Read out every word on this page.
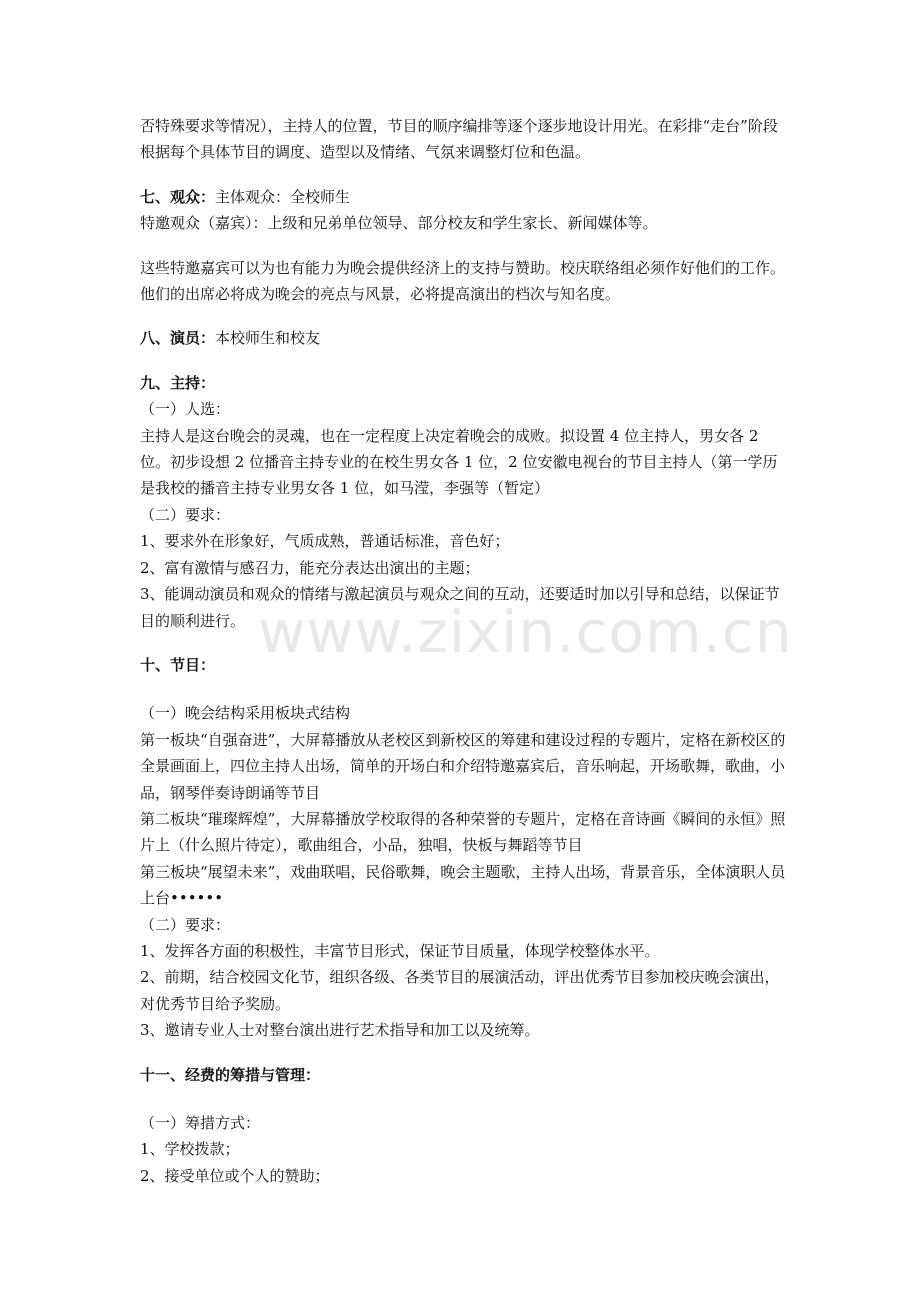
否特殊要求等情况），主持人的位置，节目的顺序编排等逐个逐步地设计用光。在彩排“走台”阶段根据每个具体节目的调度、造型以及情绪、气氛来调整灯位和色温。

七、观众：主体观众：全校师生

特邀观众（嘉宾）：上级和兄弟单位领导、部分校友和学生家长、新闻媒体等。

这些特邀嘉宾可以为也有能力为晚会提供经济上的支持与赞助。校庆联络组必须作好他们的工作。他们的出席必将成为晚会的亮点与风景，必将提高演出的档次与知名度。

八、演员：本校师生和校友

九、主持：

（一）人选：

主持人是这台晚会的灵魂，也在一定程度上决定着晚会的成败。拟设置 4 位主持人，男女各 2 位。初步设想 2 位播音主持专业的在校生男女各 1 位，2 位安徽电视台的节目主持人（第一学历是我校的播音主持专业男女各 1 位，如马滢，李强等（暂定）

（二）要求：

1、要求外在形象好，气质成熟，普通话标准，音色好；

2、富有激情与感召力，能充分表达出演出的主题；

3、能调动演员和观众的情绪与激起演员与观众之间的互动，还要适时加以引导和总结，以保证节目的顺利进行。

十、节目：

（一）晚会结构采用板块式结构

第一板块“自强奋进”，大屏幕播放从老校区到新校区的筹建和建设过程的专题片，定格在新校区的全景画面上，四位主持人出场，简单的开场白和介绍特邀嘉宾后，音乐响起，开场歌舞，歌曲，小品，钢琴伴奏诗朗诵等节目

第二板块“璀璨辉煌”，大屏幕播放学校取得的各种荣誉的专题片，定格在音诗画《瞬间的永恒》照片上（什么照片待定），歌曲组合，小品，独唱，快板与舞蹈等节目

第三板块“展望未来”，戏曲联唱，民俗歌舞，晚会主题歌，主持人出场，背景音乐，全体演职人员上台••••••

（二）要求：

1、发挥各方面的积极性，丰富节目形式，保证节目质量，体现学校整体水平。

2、前期，结合校园文化节，组织各级、各类节目的展演活动，评出优秀节目参加校庆晚会演出，对优秀节目给予奖励。

3、邀请专业人士对整台演出进行艺术指导和加工以及统筹。

十一、经费的筹措与管理：

（一）筹措方式：

1、学校拨款；

2、接受单位或个人的赞助；

www.zixin.com.cn
